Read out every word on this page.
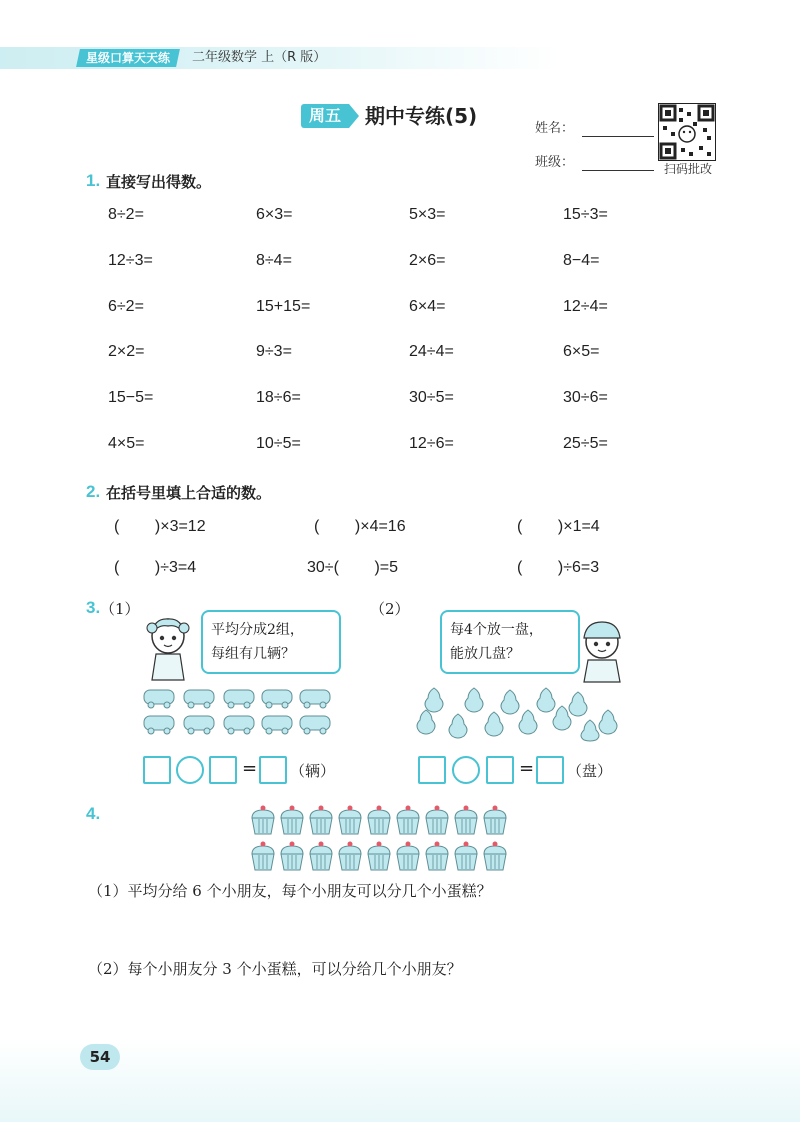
星级口算天天练	二年级数学 上（R 版）
周五	期中专练(5)
姓名：
班级：	扫码批改
1. 直接写出得数。
8÷2=	6×3=	5×3=	15÷3=
12÷3=	8÷4=	2×6=	8−4=
6÷2=	15+15=	6×4=	12÷4=
2×2=	9÷3=	24÷4=	6×5=
15−5=	18÷6=	30÷5=	30÷6=
4×5=	10÷5=	12÷6=	25÷5=
2. 在括号里填上合适的数。
(        )×3=12	(        )×4=16	(        )×1=4
(        )÷3=4	30÷(        )=5	(        )÷6=3
3. （1）	（2）
平均分成2组，
每组有几辆？
= （辆）
每4个放一盘，
能放几盘？
= （盘）
4.
（1）平均分给 6 个小朋友，每个小朋友可以分几个小蛋糕？
（2）每个小朋友分 3 个小蛋糕，可以分给几个小朋友？
54
